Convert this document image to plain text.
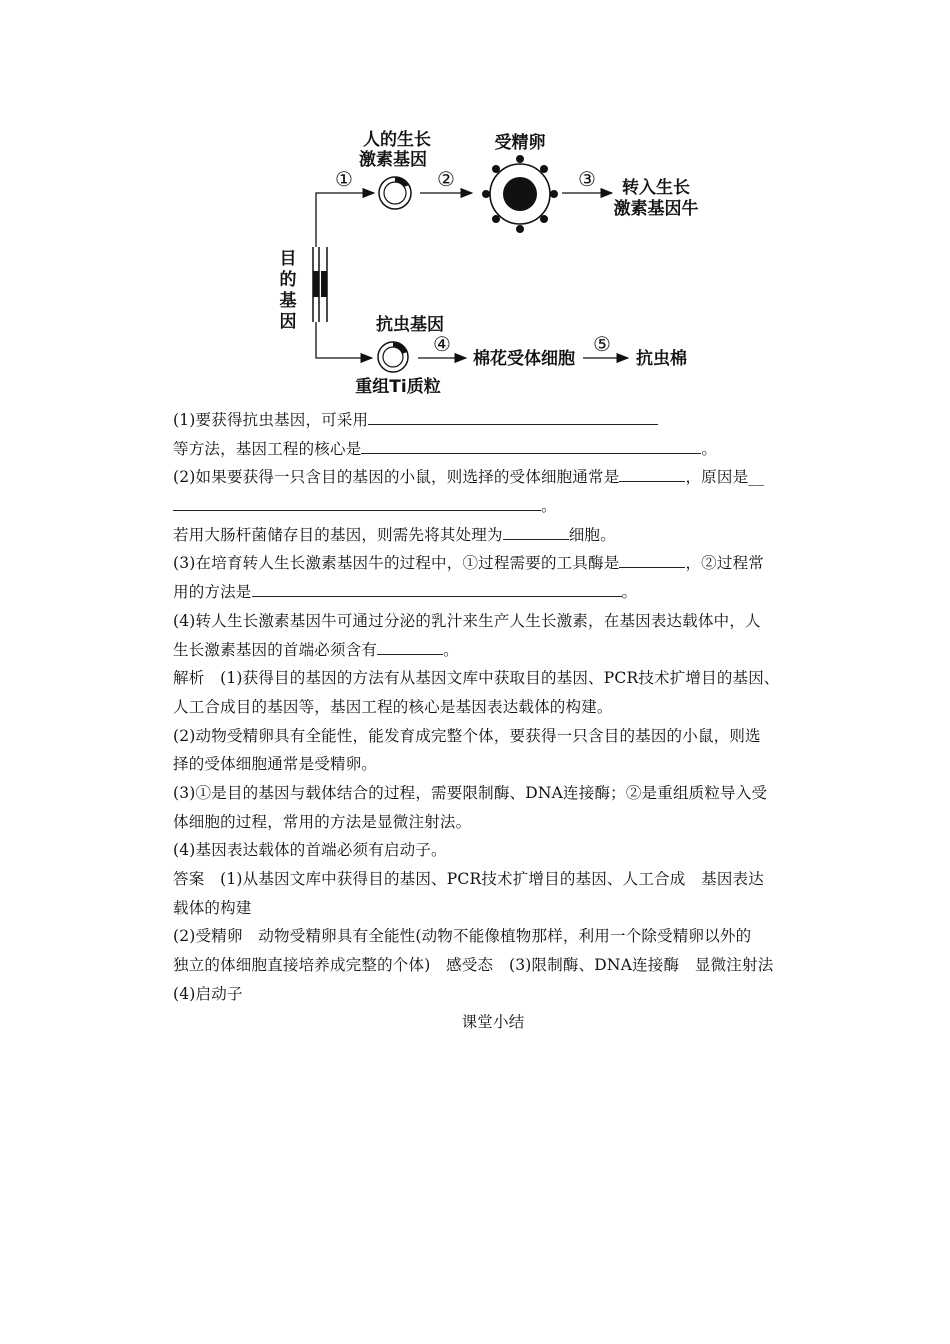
目
的
基
因
①
人的生长
激素基因
②
受精卵
③ 转入生长
激素基因牛
抗虫基因
重组Ti质粒
④
棉花受体细胞
⑤
抗虫棉
(1)要获得抗虫基因，可采用
等方法，基因工程的核心是	。
(2)如果要获得一只含目的基因的小鼠，则选择的受体细胞通常是	，原因是__
。
若用大肠杆菌储存目的基因，则需先将其处理为	细胞。
(3)在培育转人生长激素基因牛的过程中，①过程需要的工具酶是	，②过程常
用的方法是	。
(4)转人生长激素基因牛可通过分泌的乳汁来生产人生长激素，在基因表达载体中，人
生长激素基因的首端必须含有	。
解析　(1)获得目的基因的方法有从基因文库中获取目的基因、PCR技术扩增目的基因、
人工合成目的基因等，基因工程的核心是基因表达载体的构建。
(2)动物受精卵具有全能性，能发育成完整个体，要获得一只含目的基因的小鼠，则选
择的受体细胞通常是受精卵。
(3)①是目的基因与载体结合的过程，需要限制酶、DNA连接酶；②是重组质粒导入受
体细胞的过程，常用的方法是显微注射法。
(4)基因表达载体的首端必须有启动子。
答案　(1)从基因文库中获得目的基因、PCR技术扩增目的基因、人工合成　基因表达
载体的构建
(2)受精卵　动物受精卵具有全能性(动物不能像植物那样，利用一个除受精卵以外的
独立的体细胞直接培养成完整的个体)　感受态　(3)限制酶、DNA连接酶　显微注射法
(4)启动子
课堂小结
